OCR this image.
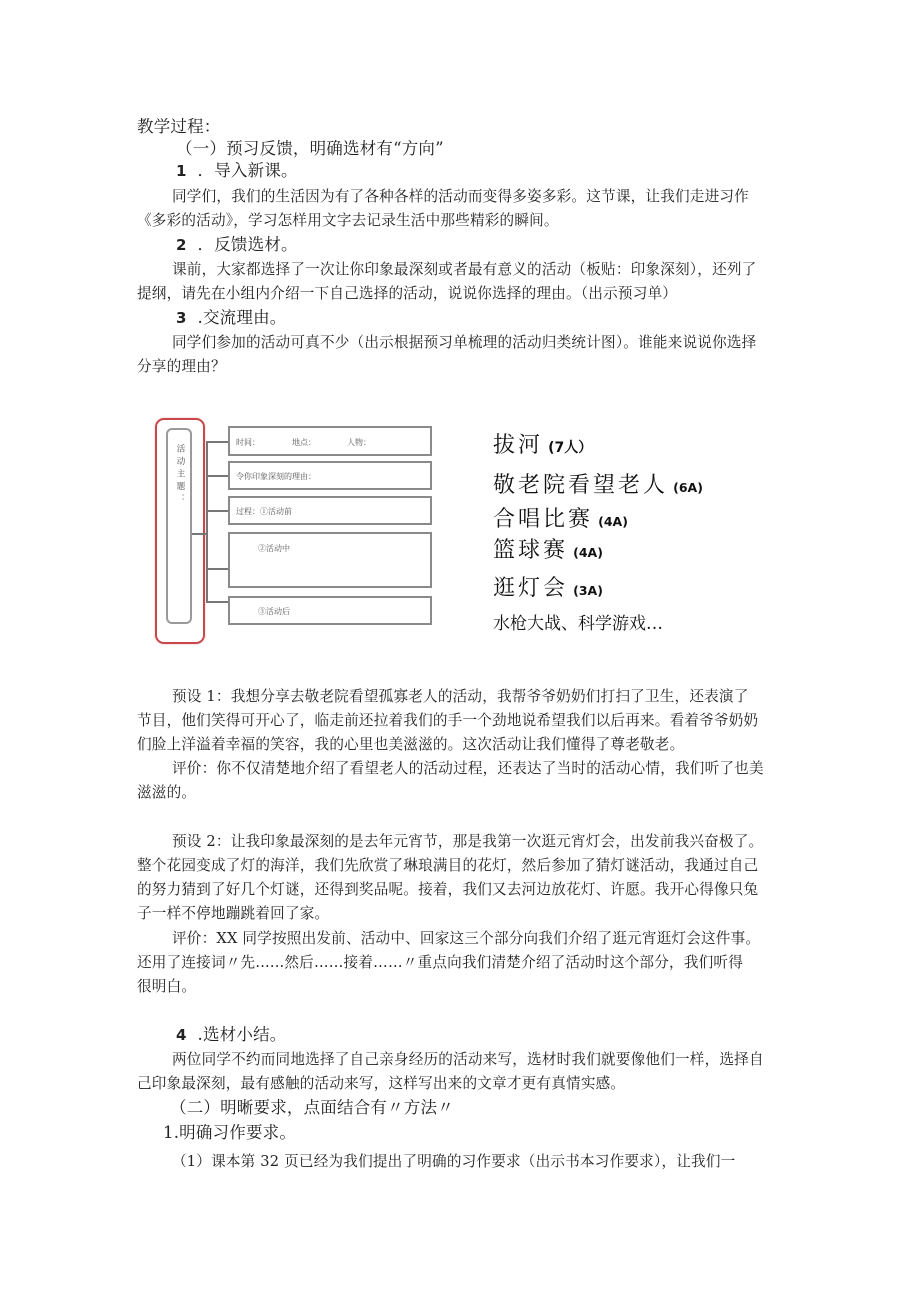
教学过程：
（一）预习反馈，明确选材有“方向”
1 ．导入新课。
同学们，我们的生活因为有了各种各样的活动而变得多姿多彩。这节课，让我们走进习作
《多彩的活动》，学习怎样用文字去记录生活中那些精彩的瞬间。
2 ．反馈选材。
课前，大家都选择了一次让你印象最深刻或者最有意义的活动（板贴：印象深刻），还列了
提纲，请先在小组内介绍一下自己选择的活动，说说你选择的理由。（出示预习单）
3 .交流理由。
同学们参加的活动可真不少（出示根据预习单梳理的活动归类统计图）。谁能来说说你选择
分享的理由？
活动主题：
时间：	地点：	人物：
令你印象深刻的理由：
过程：①活动前
②活动中
③活动后
拔河 (7人）
敬老院看望老人 (6A)
合唱比赛 (4A)
篮球赛 (4A)
逛灯会 (3A)
水枪大战、科学游戏…
预设 1：我想分享去敬老院看望孤寡老人的活动，我帮爷爷奶奶们打扫了卫生，还表演了
节目，他们笑得可开心了，临走前还拉着我们的手一个劲地说希望我们以后再来。看着爷爷奶奶
们脸上洋溢着幸福的笑容，我的心里也美滋滋的。这次活动让我们懂得了尊老敬老。
评价：你不仅清楚地介绍了看望老人的活动过程，还表达了当时的活动心情，我们听了也美
滋滋的。
预设 2：让我印象最深刻的是去年元宵节，那是我第一次逛元宵灯会，出发前我兴奋极了。
整个花园变成了灯的海洋，我们先欣赏了琳琅满目的花灯，然后参加了猜灯谜活动，我通过自己
的努力猜到了好几个灯谜，还得到奖品呢。接着，我们又去河边放花灯、许愿。我开心得像只兔
子一样不停地蹦跳着回了家。
评价：XX 同学按照出发前、活动中、回家这三个部分向我们介绍了逛元宵逛灯会这件事。
还用了连接词〃先......然后……接着……〃重点向我们清楚介绍了活动时这个部分，我们听得
很明白。
4 .选材小结。
两位同学不约而同地选择了自己亲身经历的活动来写，选材时我们就要像他们一样，选择自
己印象最深刻，最有感触的活动来写，这样写出来的文章才更有真情实感。
（二）明晰要求，点面结合有〃方法〃
1.明确习作要求。
（1）课本第 32 页已经为我们提出了明确的习作要求（出示书本习作要求），让我们一
